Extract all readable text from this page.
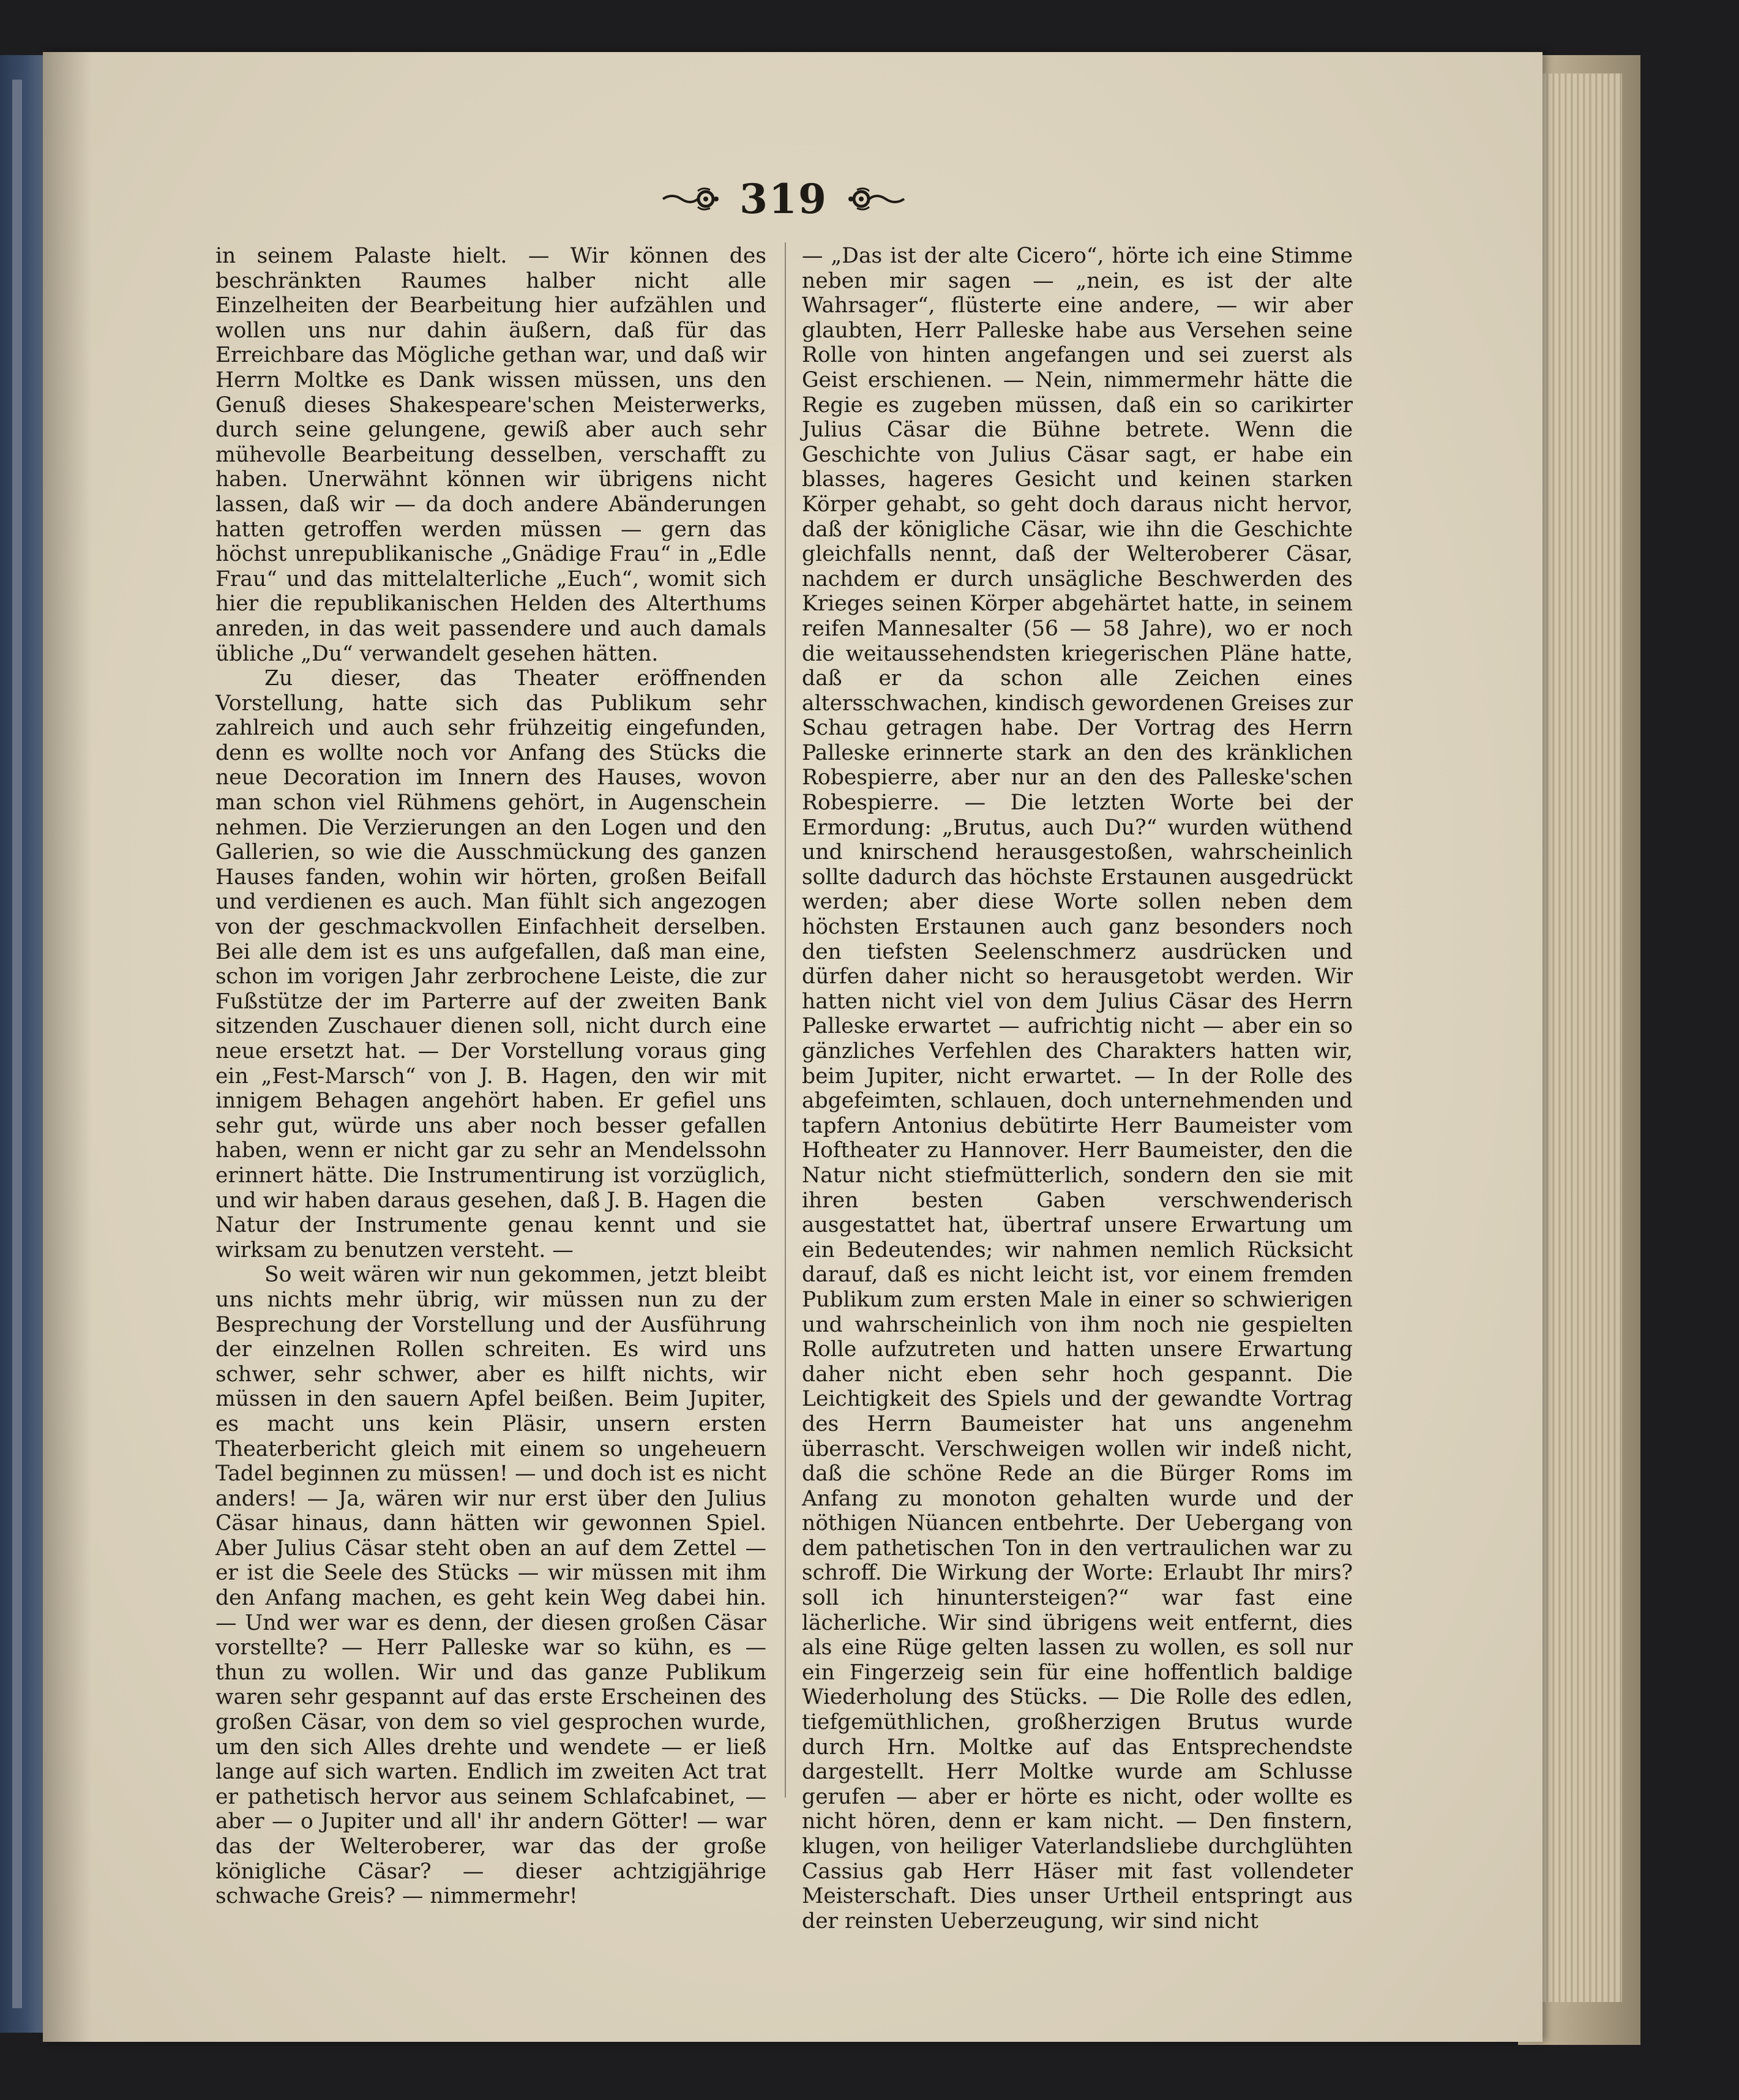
319

in seinem Palaste hielt. — Wir können des beschränkten Raumes halber nicht alle Einzelheiten der Bearbeitung hier aufzählen und wollen uns nur dahin äußern, daß für das Erreichbare das Mögliche gethan war, und daß wir Herrn Moltke es Dank wissen müssen, uns den Genuß dieses Shakespeare'schen Meisterwerks, durch seine gelungene, gewiß aber auch sehr mühevolle Bearbeitung desselben, verschafft zu haben. Unerwähnt können wir übrigens nicht lassen, daß wir — da doch andere Abänderungen hatten getroffen werden müssen — gern das höchst unrepublikanische „Gnädige Frau“ in „Edle Frau“ und das mittelalterliche „Euch“, womit sich hier die republikanischen Helden des Alterthums anreden, in das weit passendere und auch damals übliche „Du“ verwandelt gesehen hätten.

Zu dieser, das Theater eröffnenden Vorstellung, hatte sich das Publikum sehr zahlreich und auch sehr frühzeitig eingefunden, denn es wollte noch vor Anfang des Stücks die neue Decoration im Innern des Hauses, wovon man schon viel Rühmens gehört, in Augenschein nehmen. Die Verzierungen an den Logen und den Gallerien, so wie die Ausschmückung des ganzen Hauses fanden, wohin wir hörten, großen Beifall und verdienen es auch. Man fühlt sich angezogen von der geschmackvollen Einfachheit derselben. Bei alle dem ist es uns aufgefallen, daß man eine, schon im vorigen Jahr zerbrochene Leiste, die zur Fußstütze der im Parterre auf der zweiten Bank sitzenden Zuschauer dienen soll, nicht durch eine neue ersetzt hat. — Der Vorstellung voraus ging ein „Fest-Marsch“ von J. B. Hagen, den wir mit innigem Behagen angehört haben. Er gefiel uns sehr gut, würde uns aber noch besser gefallen haben, wenn er nicht gar zu sehr an Mendelssohn erinnert hätte. Die Instrumentirung ist vorzüglich, und wir haben daraus gesehen, daß J. B. Hagen die Natur der Instrumente genau kennt und sie wirksam zu benutzen versteht. —

So weit wären wir nun gekommen, jetzt bleibt uns nichts mehr übrig, wir müssen nun zu der Besprechung der Vorstellung und der Ausführung der einzelnen Rollen schreiten. Es wird uns schwer, sehr schwer, aber es hilft nichts, wir müssen in den sauern Apfel beißen. Beim Jupiter, es macht uns kein Pläsir, unsern ersten Theaterbericht gleich mit einem so ungeheuern Tadel beginnen zu müssen! — und doch ist es nicht anders! — Ja, wären wir nur erst über den Julius Cäsar hinaus, dann hätten wir gewonnen Spiel. Aber Julius Cäsar steht oben an auf dem Zettel — er ist die Seele des Stücks — wir müssen mit ihm den Anfang machen, es geht kein Weg dabei hin. — Und wer war es denn, der diesen großen Cäsar vorstellte? — Herr Palleske war so kühn, es — thun zu wollen. Wir und das ganze Publikum waren sehr gespannt auf das erste Erscheinen des großen Cäsar, von dem so viel gesprochen wurde, um den sich Alles drehte und wendete — er ließ lange auf sich warten. Endlich im zweiten Act trat er pathetisch hervor aus seinem Schlafcabinet, — aber — o Jupiter und all' ihr andern Götter! — war das der Welteroberer, war das der große königliche Cäsar? — dieser achtzigjährige schwache Greis? — nimmermehr!

— „Das ist der alte Cicero“, hörte ich eine Stimme neben mir sagen — „nein, es ist der alte Wahrsager“, flüsterte eine andere, — wir aber glaubten, Herr Palleske habe aus Versehen seine Rolle von hinten angefangen und sei zuerst als Geist erschienen. — Nein, nimmermehr hätte die Regie es zugeben müssen, daß ein so carikirter Julius Cäsar die Bühne betrete. Wenn die Geschichte von Julius Cäsar sagt, er habe ein blasses, hageres Gesicht und keinen starken Körper gehabt, so geht doch daraus nicht hervor, daß der königliche Cäsar, wie ihn die Geschichte gleichfalls nennt, daß der Welteroberer Cäsar, nachdem er durch unsägliche Beschwerden des Krieges seinen Körper abgehärtet hatte, in seinem reifen Mannesalter (56 — 58 Jahre), wo er noch die weitaussehendsten kriegerischen Pläne hatte, daß er da schon alle Zeichen eines altersschwachen, kindisch gewordenen Greises zur Schau getragen habe. Der Vortrag des Herrn Palleske erinnerte stark an den des kränklichen Robespierre, aber nur an den des Palleske'schen Robespierre. — Die letzten Worte bei der Ermordung: „Brutus, auch Du?“ wurden wüthend und knirschend herausgestoßen, wahrscheinlich sollte dadurch das höchste Erstaunen ausgedrückt werden; aber diese Worte sollen neben dem höchsten Erstaunen auch ganz besonders noch den tiefsten Seelenschmerz ausdrücken und dürfen daher nicht so herausgetobt werden. Wir hatten nicht viel von dem Julius Cäsar des Herrn Palleske erwartet — aufrichtig nicht — aber ein so gänzliches Verfehlen des Charakters hatten wir, beim Jupiter, nicht erwartet. — In der Rolle des abgefeimten, schlauen, doch unternehmenden und tapfern Antonius debütirte Herr Baumeister vom Hoftheater zu Hannover. Herr Baumeister, den die Natur nicht stiefmütterlich, sondern den sie mit ihren besten Gaben verschwenderisch ausgestattet hat, übertraf unsere Erwartung um ein Bedeutendes; wir nahmen nemlich Rücksicht darauf, daß es nicht leicht ist, vor einem fremden Publikum zum ersten Male in einer so schwierigen und wahrscheinlich von ihm noch nie gespielten Rolle aufzutreten und hatten unsere Erwartung daher nicht eben sehr hoch gespannt. Die Leichtigkeit des Spiels und der gewandte Vortrag des Herrn Baumeister hat uns angenehm überrascht. Verschweigen wollen wir indeß nicht, daß die schöne Rede an die Bürger Roms im Anfang zu monoton gehalten wurde und der nöthigen Nüancen entbehrte. Der Uebergang von dem pathetischen Ton in den vertraulichen war zu schroff. Die Wirkung der Worte: Erlaubt Ihr mirs? soll ich hinuntersteigen?“ war fast eine lächerliche. Wir sind übrigens weit entfernt, dies als eine Rüge gelten lassen zu wollen, es soll nur ein Fingerzeig sein für eine hoffentlich baldige Wiederholung des Stücks. — Die Rolle des edlen, tiefgemüthlichen, großherzigen Brutus wurde durch Hrn. Moltke auf das Entsprechendste dargestellt. Herr Moltke wurde am Schlusse gerufen — aber er hörte es nicht, oder wollte es nicht hören, denn er kam nicht. — Den finstern, klugen, von heiliger Vaterlandsliebe durchglühten Cassius gab Herr Häser mit fast vollendeter Meisterschaft. Dies unser Urtheil entspringt aus der reinsten Ueberzeugung, wir sind nicht
